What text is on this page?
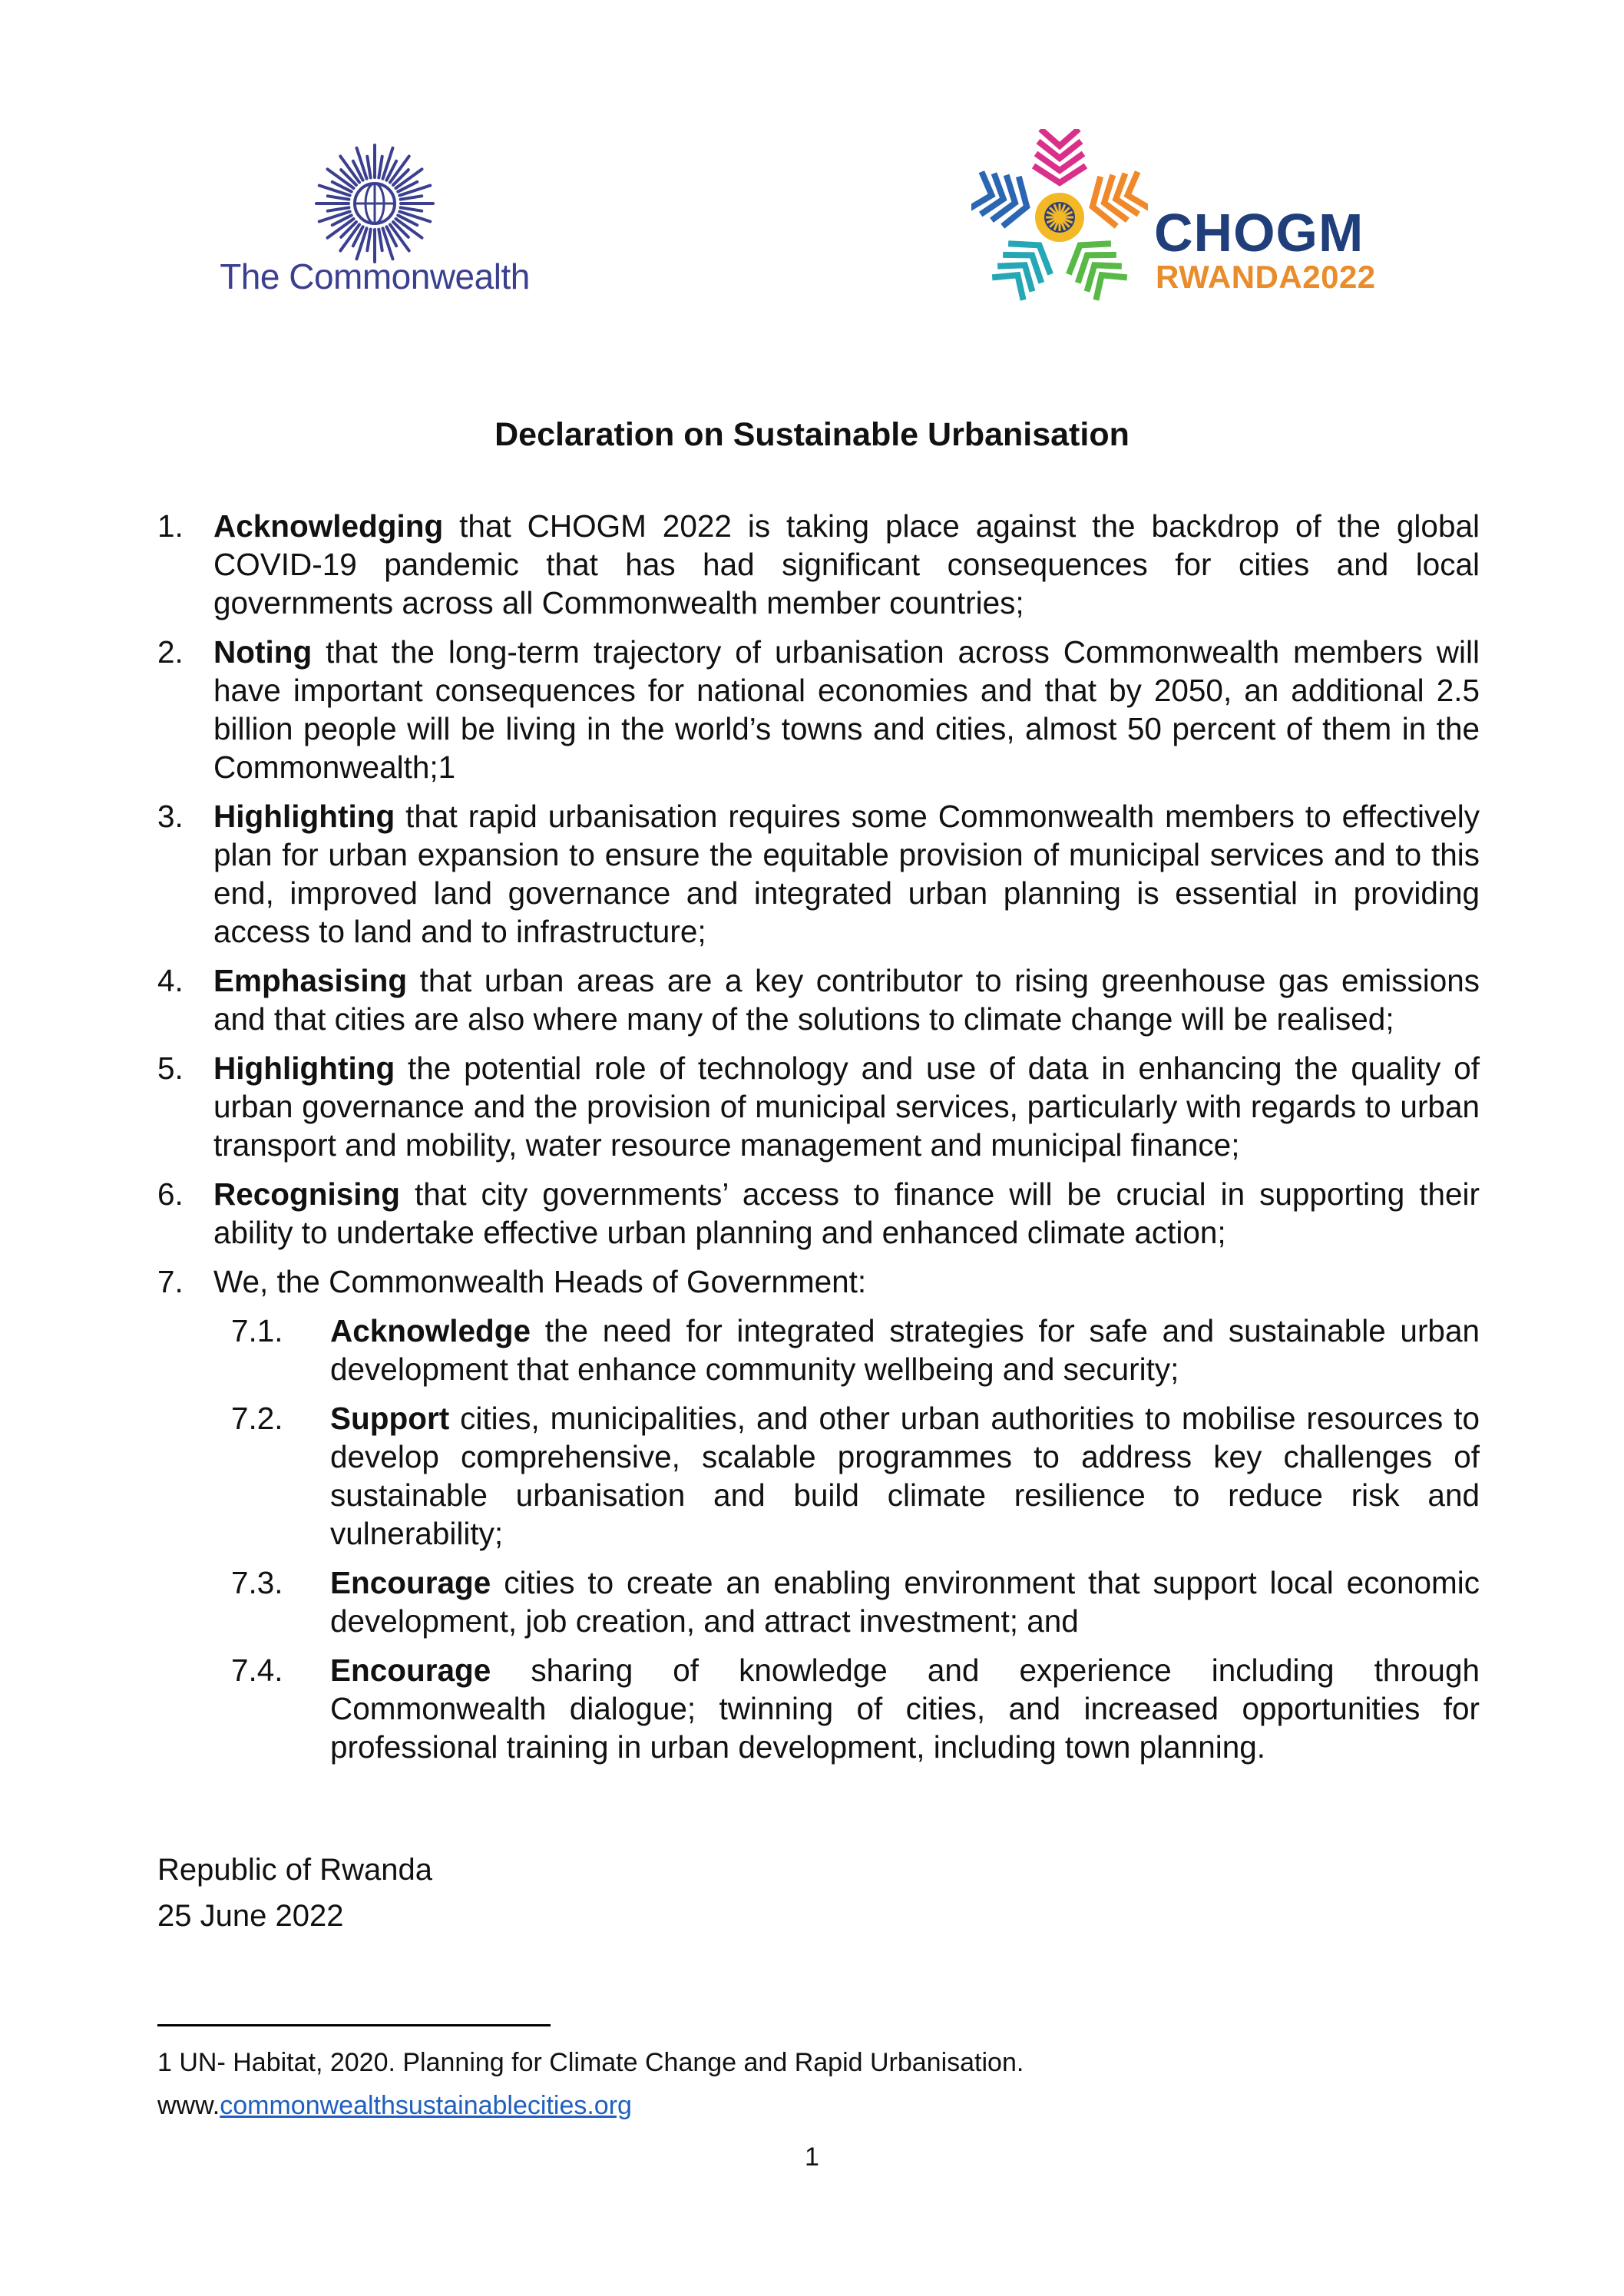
The Commonwealth
CHOGM
RWANDA2022
Declaration on Sustainable Urbanisation
1. Acknowledging that CHOGM 2022 is taking place against the backdrop of the global COVID-19 pandemic that has had significant consequences for cities and local governments across all Commonwealth member countries;
2. Noting that the long-term trajectory of urbanisation across Commonwealth members will have important consequences for national economies and that by 2050, an additional 2.5 billion people will be living in the world’s towns and cities, almost 50 percent of them in the Commonwealth;1
3. Highlighting that rapid urbanisation requires some Commonwealth members to effectively plan for urban expansion to ensure the equitable provision of municipal services and to this end, improved land governance and integrated urban planning is essential in providing access to land and to infrastructure;
4. Emphasising that urban areas are a key contributor to rising greenhouse gas emissions and that cities are also where many of the solutions to climate change will be realised;
5. Highlighting the potential role of technology and use of data in enhancing the quality of urban governance and the provision of municipal services, particularly with regards to urban transport and mobility, water resource management and municipal finance;
6. Recognising that city governments’ access to finance will be crucial in supporting their ability to undertake effective urban planning and enhanced climate action;
7. We, the Commonwealth Heads of Government:
7.1. Acknowledge the need for integrated strategies for safe and sustainable urban development that enhance community wellbeing and security;
7.2. Support cities, municipalities, and other urban authorities to mobilise resources to develop comprehensive, scalable programmes to address key challenges of sustainable urbanisation and build climate resilience to reduce risk and vulnerability;
7.3. Encourage cities to create an enabling environment that support local economic development, job creation, and attract investment; and
7.4. Encourage sharing of knowledge and experience including through Commonwealth dialogue; twinning of cities, and increased opportunities for professional training in urban development, including town planning.
Republic of Rwanda
25 June 2022
1 UN- Habitat, 2020. Planning for Climate Change and Rapid Urbanisation.
www.commonwealthsustainablecities.org
1
